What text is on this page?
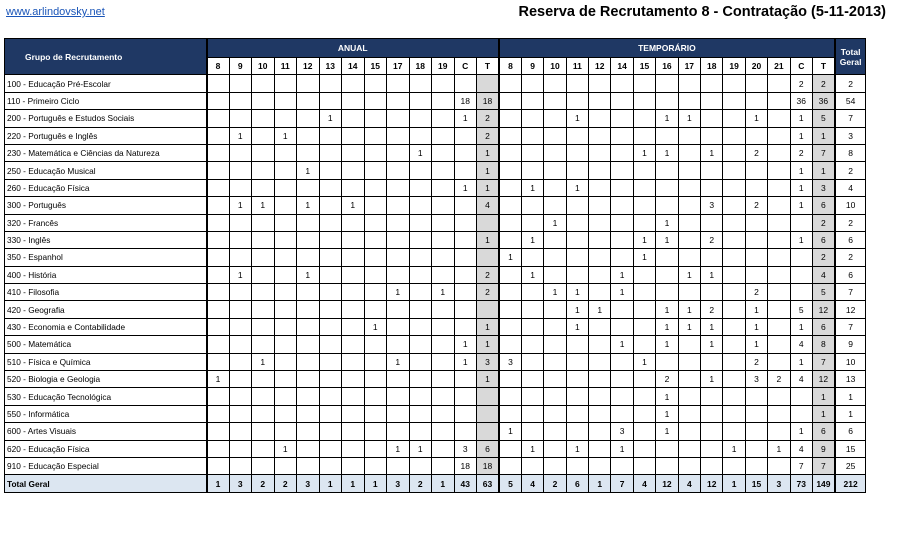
www.arlindovsky.net	Reserva de Recrutamento 8 - Contratação (5-11-2013)
Grupo de Recrutamento	ANUAL													TEMPORÁRIO															Total Geral
	8	9	10	11	12	13	14	15	17	18	19	C	T	8	9	10	11	12	14	15	16	17	18	19	20	21	C	T	
100 - Educação Pré-Escolar																											2	2	2
110 - Primeiro Ciclo												18	18														36	36	54
200 - Português e Estudos Sociais						1						1	2				1				1	1			1		1	5	7
220 - Português e Inglês		1		1									2														1	1	3
230 - Matemática e Ciências da Natureza										1			1							1	1		1		2		2	7	8
250 - Educação Musical					1								1														1	1	2
260 - Educação Física												1	1		1		1										1	3	4
300 - Português		1	1		1		1						4										3		2		1	6	10
320 - Francês																1					1							2	2
330 - Inglês													1		1					1	1		2				1	6	6
350 - Espanhol														1						1								2	2
400 - História		1			1								2		1				1			1	1					4	6
410 - Filosofia									1		1		2			1	1		1						2			5	7
420 - Geografia																	1	1			1	1	2		1		5	12	12
430 - Economia e Contabilidade								1					1				1				1	1	1		1		1	6	7
500 - Matemática												1	1						1		1		1		1		4	8	9
510 - Física e Química			1						1			1	3	3						1					2		1	7	10
520 - Biologia e Geologia	1												1								2		1		3	2	4	12	13
530 - Educação Tecnológica																					1							1	1
550 - Informática																					1							1	1
600 - Artes Visuais														1					3		1						1	6	6
620 - Educação Física				1					1	1		3	6		1		1		1					1		1	4	9	15
910 - Educação Especial												18	18														7	7	25
Total Geral	1	3	2	2	3	1	1	1	3	2	1	43	63	5	4	2	6	1	7	4	12	4	12	1	15	3	73	149	212
